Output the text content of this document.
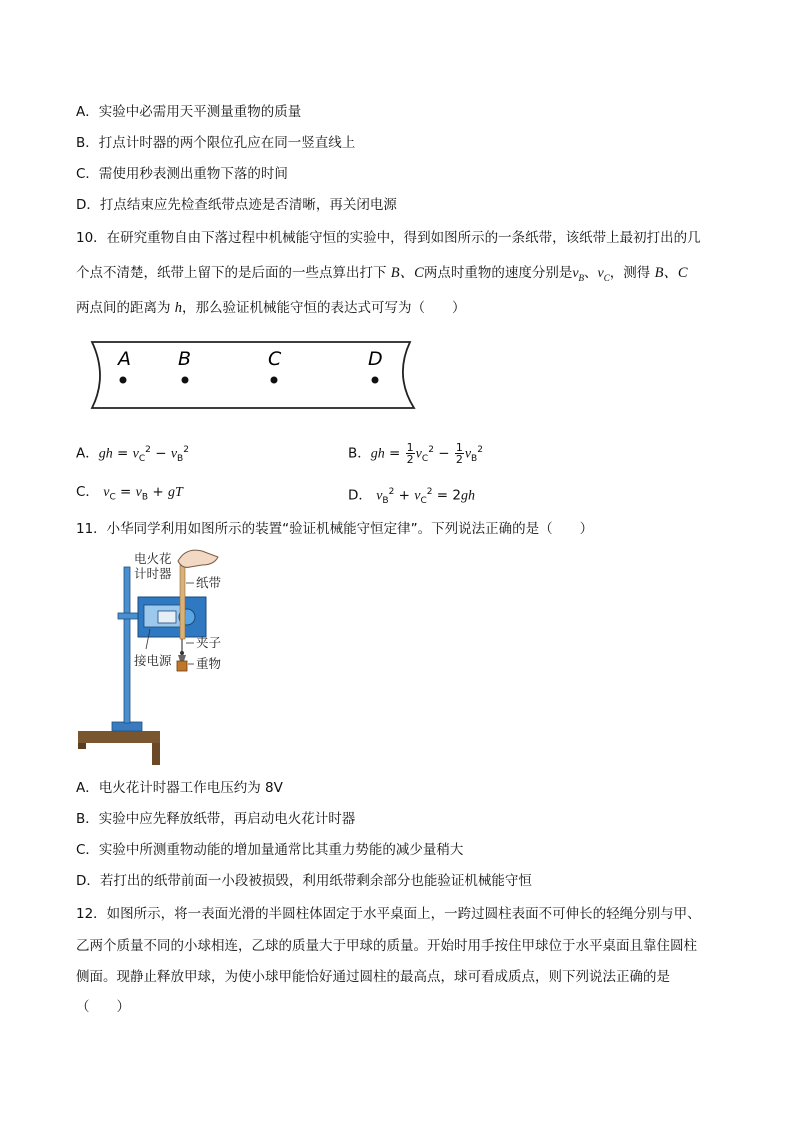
A．实验中必需用天平测量重物的质量
B．打点计时器的两个限位孔应在同一竖直线上
C．需使用秒表测出重物下落的时间
D．打点结束应先检查纸带点迹是否清晰，再关闭电源
10．在研究重物自由下落过程中机械能守恒的实验中，得到如图所示的一条纸带，该纸带上最初打出的几
个点不清楚，纸带上留下的是后面的一些点算出打下 B、C两点时重物的速度分别是$v_B$、$v_C$，测得 B、C
两点间的距离为 h，那么验证机械能守恒的表达式可写为（　　）
A B	C	D
A．gh = $v_C^2 - v_B^2$	B．gh = $\frac{1}{2} v_C^2 - \frac{1}{2} v_B^2$
C． $v_C = v_B$ + gT	D． $v_B^2 + v_C^2 = 2gh$
11．小华同学利用如图所示的装置“验证机械能守恒定律”。下列说法正确的是（　　）
电火花
计时器
纸带
夹子
接电源 重物
A．电火花计时器工作电压约为 8V
B．实验中应先释放纸带，再启动电火花计时器
C．实验中所测重物动能的增加量通常比其重力势能的减少量稍大
D．若打出的纸带前面一小段被损毁，利用纸带剩余部分也能验证机械能守恒
12．如图所示，将一表面光滑的半圆柱体固定于水平桌面上，一跨过圆柱表面不可伸长的轻绳分别与甲、
乙两个质量不同的小球相连，乙球的质量大于甲球的质量。开始时用手按住甲球位于水平桌面且靠住圆柱
侧面。现静止释放甲球，为使小球甲能恰好通过圆柱的最高点，球可看成质点，则下列说法正确的是
（　　）
